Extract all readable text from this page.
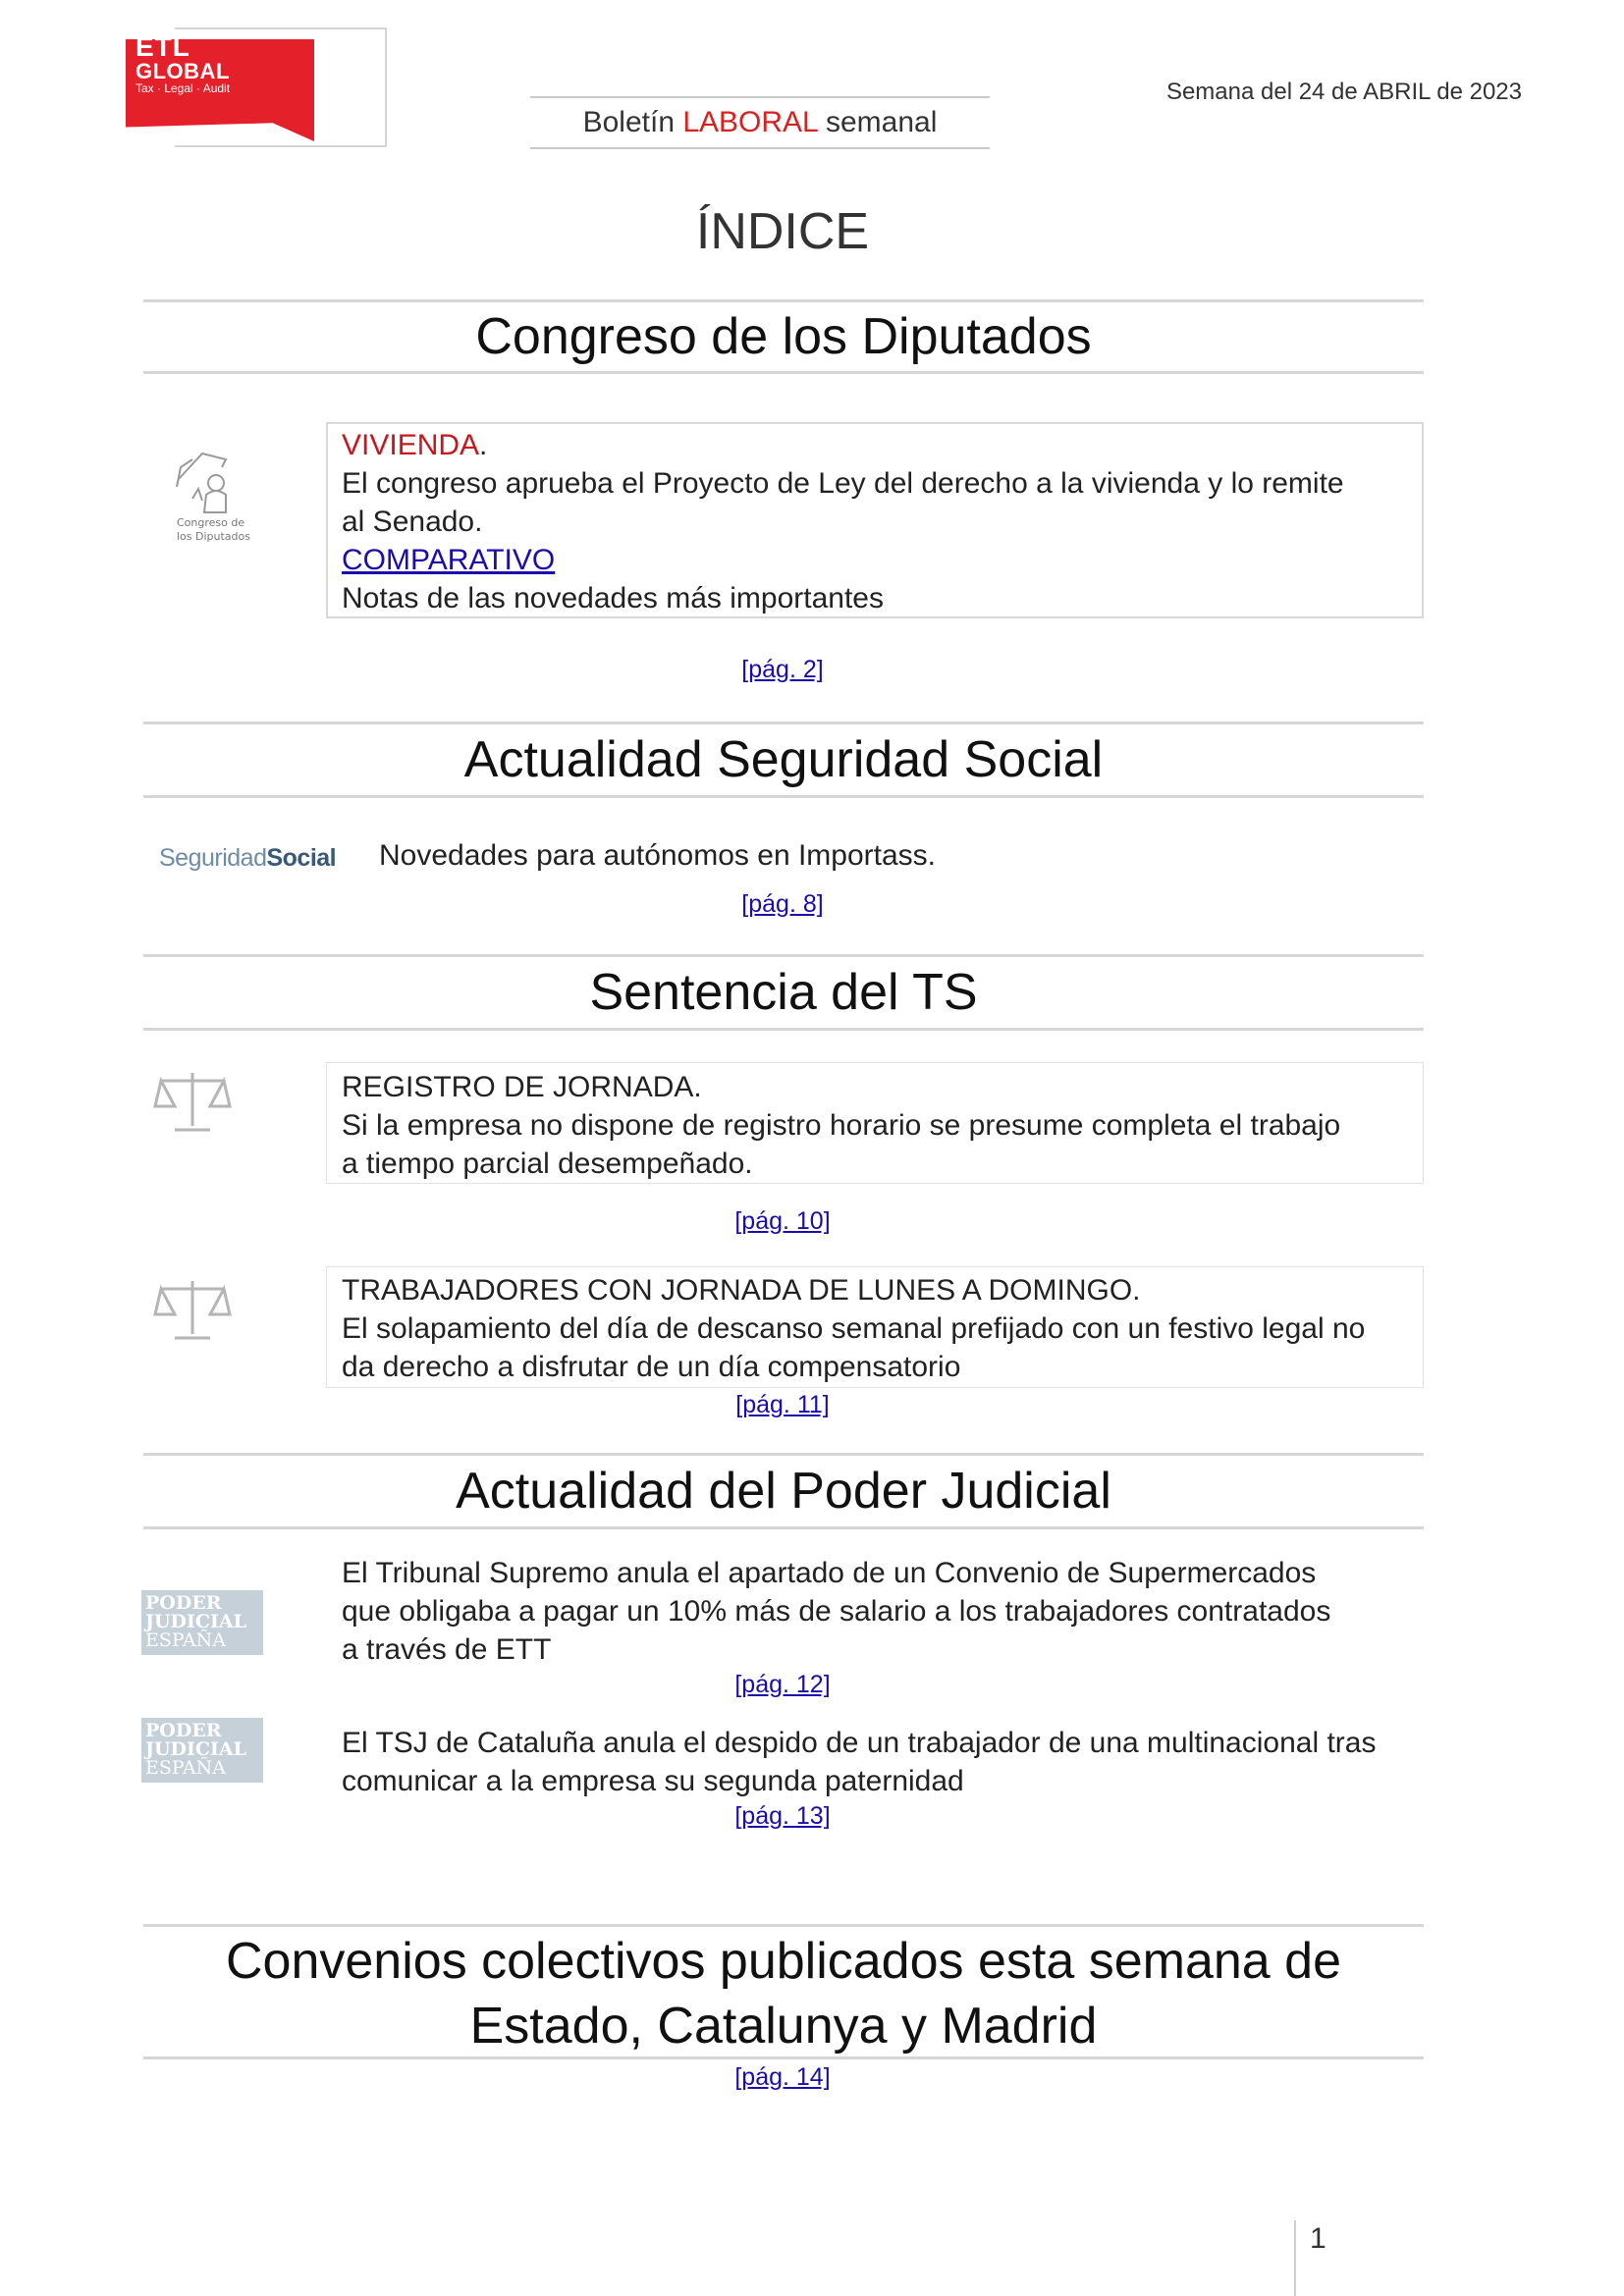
ETL
GLOBAL
Tax · Legal · Audit
Boletín LABORAL semanal
Semana del 24 de ABRIL de 2023
ÍNDICE
Congreso de los Diputados
Congreso de
los Diputados
VIVIENDA.
El congreso aprueba el Proyecto de Ley del derecho a la vivienda y lo remite
al Senado.
COMPARATIVO
Notas de las novedades más importantes
[pág. 2]
Actualidad Seguridad Social
SeguridadSocial Novedades para autónomos en Importass.
[pág. 8]
Sentencia del TS
REGISTRO DE JORNADA.
Si la empresa no dispone de registro horario se presume completa el trabajo
a tiempo parcial desempeñado.
[pág. 10]
TRABAJADORES CON JORNADA DE LUNES A DOMINGO.
El solapamiento del día de descanso semanal prefijado con un festivo legal no
da derecho a disfrutar de un día compensatorio
[pág. 11]
Actualidad del Poder Judicial
PODER
JUDICIAL
ESPAÑA
El Tribunal Supremo anula el apartado de un Convenio de Supermercados
que obligaba a pagar un 10% más de salario a los trabajadores contratados
a través de ETT
[pág. 12]
PODER
JUDICIAL
ESPAÑA
El TSJ de Cataluña anula el despido de un trabajador de una multinacional tras
comunicar a la empresa su segunda paternidad
[pág. 13]
Convenios colectivos publicados esta semana de
Estado, Catalunya y Madrid
[pág. 14]
1
